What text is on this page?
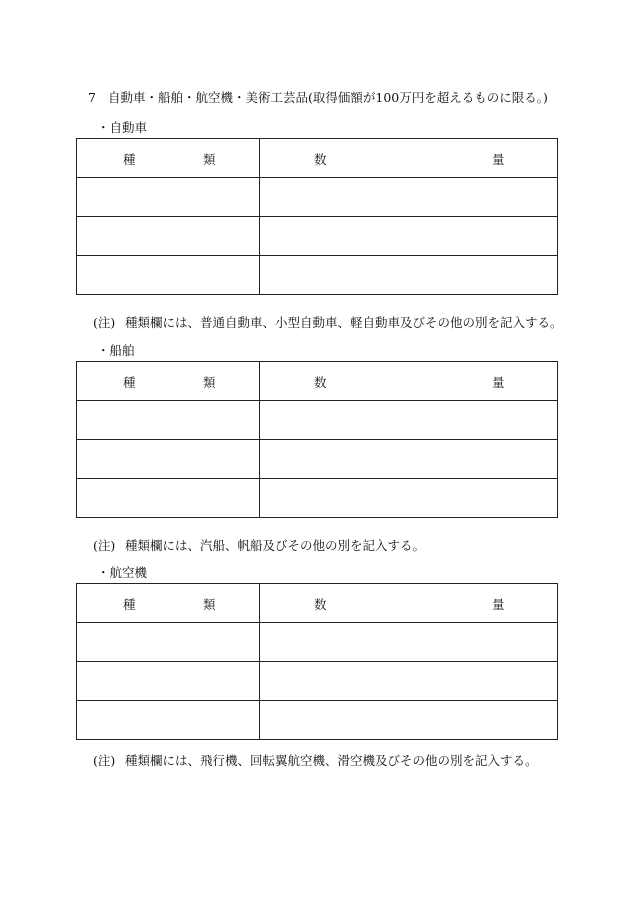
7 自動車・船舶・航空機・美術工芸品(取得価額が100万円を超えるものに限る。)
・自動車
種 類	数 量

(注) 種類欄には、普通自動車、小型自動車、軽自動車及びその他の別を記入する。
・船舶
種 類	数 量

(注) 種類欄には、汽船、帆船及びその他の別を記入する。
・航空機
種 類	数 量

(注) 種類欄には、飛行機、回転翼航空機、滑空機及びその他の別を記入する。
